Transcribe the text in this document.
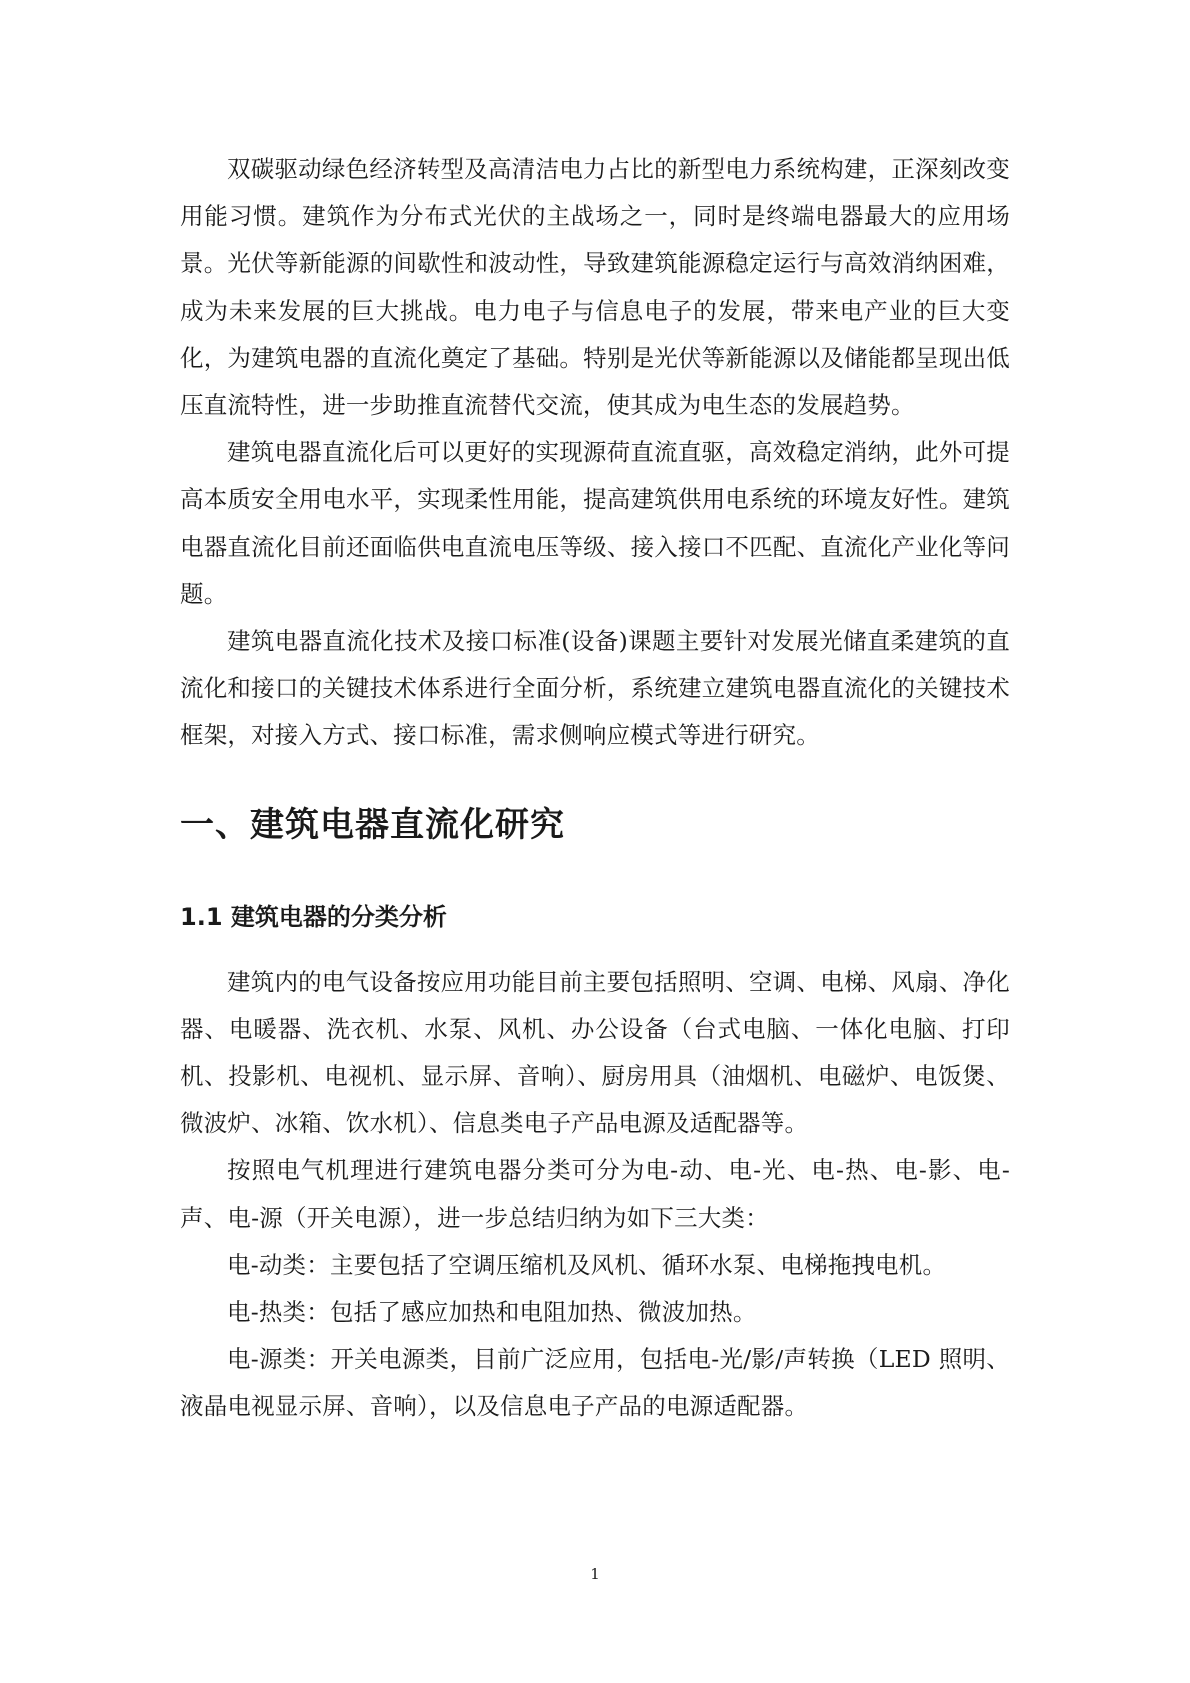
双碳驱动绿色经济转型及高清洁电力占比的新型电力系统构建，正深刻改变用能习惯。建筑作为分布式光伏的主战场之一，同时是终端电器最大的应用场景。光伏等新能源的间歇性和波动性，导致建筑能源稳定运行与高效消纳困难，成为未来发展的巨大挑战。电力电子与信息电子的发展，带来电产业的巨大变化，为建筑电器的直流化奠定了基础。特别是光伏等新能源以及储能都呈现出低压直流特性，进一步助推直流替代交流，使其成为电生态的发展趋势。

建筑电器直流化后可以更好的实现源荷直流直驱，高效稳定消纳，此外可提高本质安全用电水平，实现柔性用能，提高建筑供用电系统的环境友好性。建筑电器直流化目前还面临供电直流电压等级、接入接口不匹配、直流化产业化等问题。

建筑电器直流化技术及接口标准(设备)课题主要针对发展光储直柔建筑的直流化和接口的关键技术体系进行全面分析，系统建立建筑电器直流化的关键技术框架，对接入方式、接口标准，需求侧响应模式等进行研究。

一、建筑电器直流化研究
1.1 建筑电器的分类分析

建筑内的电气设备按应用功能目前主要包括照明、空调、电梯、风扇、净化器、电暖器、洗衣机、水泵、风机、办公设备（台式电脑、一体化电脑、打印机、投影机、电视机、显示屏、音响）、厨房用具（油烟机、电磁炉、电饭煲、微波炉、冰箱、饮水机）、信息类电子产品电源及适配器等。

按照电气机理进行建筑电器分类可分为电-动、电-光、电-热、电-影、电-声、电-源（开关电源），进一步总结归纳为如下三大类：

电-动类：主要包括了空调压缩机及风机、循环水泵、电梯拖拽电机。

电-热类：包括了感应加热和电阻加热、微波加热。

电-源类：开关电源类，目前广泛应用，包括电-光/影/声转换（LED 照明、液晶电视显示屏、音响），以及信息电子产品的电源适配器。

1
